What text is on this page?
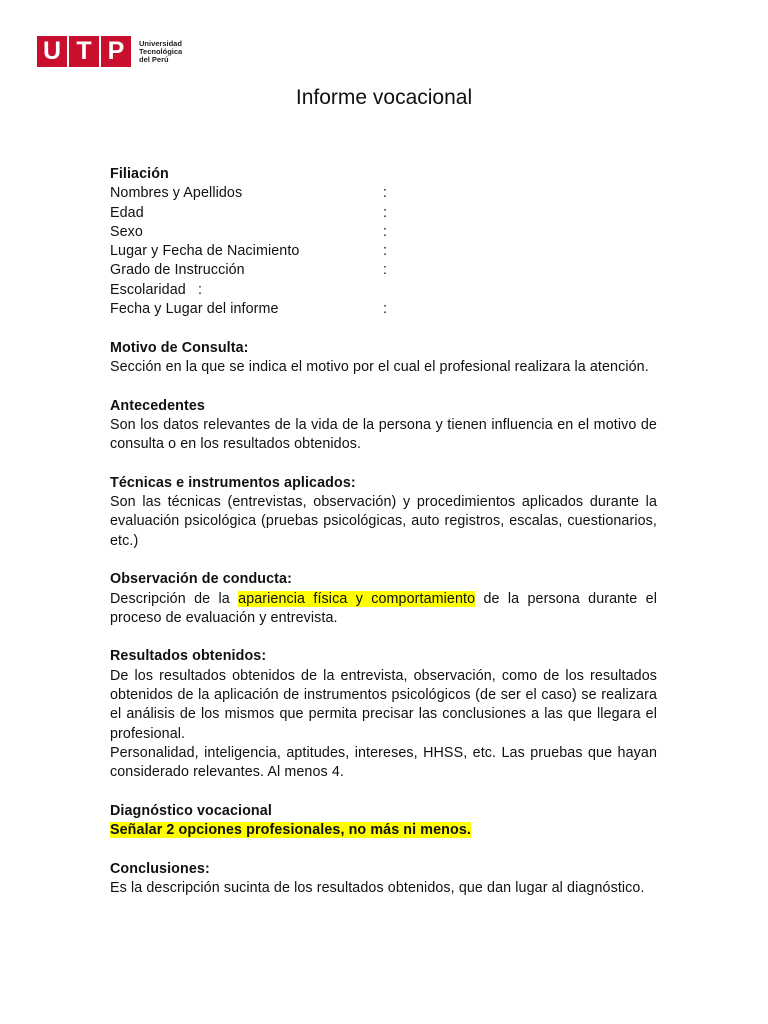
U T P	Universidad
Tecnológica
del Perú
Informe vocacional
Filiación
Nombres y Apellidos	:
Edad	:
Sexo	:
Lugar y Fecha de Nacimiento	:
Grado de Instrucción	:
Escolaridad   :
Fecha y Lugar del informe	:
Motivo de Consulta:
Sección en la que se indica el motivo por el cual el profesional realizara la atención.
Antecedentes
Son los datos relevantes de la vida de la persona y tienen influencia en el motivo de consulta o en los resultados obtenidos.
Técnicas e instrumentos aplicados:
Son las técnicas (entrevistas, observación) y procedimientos aplicados durante la evaluación psicológica (pruebas psicológicas, auto registros, escalas, cuestionarios, etc.)
Observación de conducta:
Descripción de la apariencia física y comportamiento de la persona durante el proceso de evaluación y entrevista.
Resultados obtenidos:
De los resultados obtenidos de la entrevista, observación, como de los resultados obtenidos de la aplicación de instrumentos psicológicos (de ser el caso) se realizara el análisis de los mismos que permita precisar las conclusiones a las que llegara el profesional.
Personalidad, inteligencia, aptitudes, intereses, HHSS, etc. Las pruebas que hayan considerado relevantes. Al menos 4.
Diagnóstico vocacional
Señalar 2 opciones profesionales, no más ni menos.
Conclusiones:
Es la descripción sucinta de los resultados obtenidos, que dan lugar al diagnóstico.
